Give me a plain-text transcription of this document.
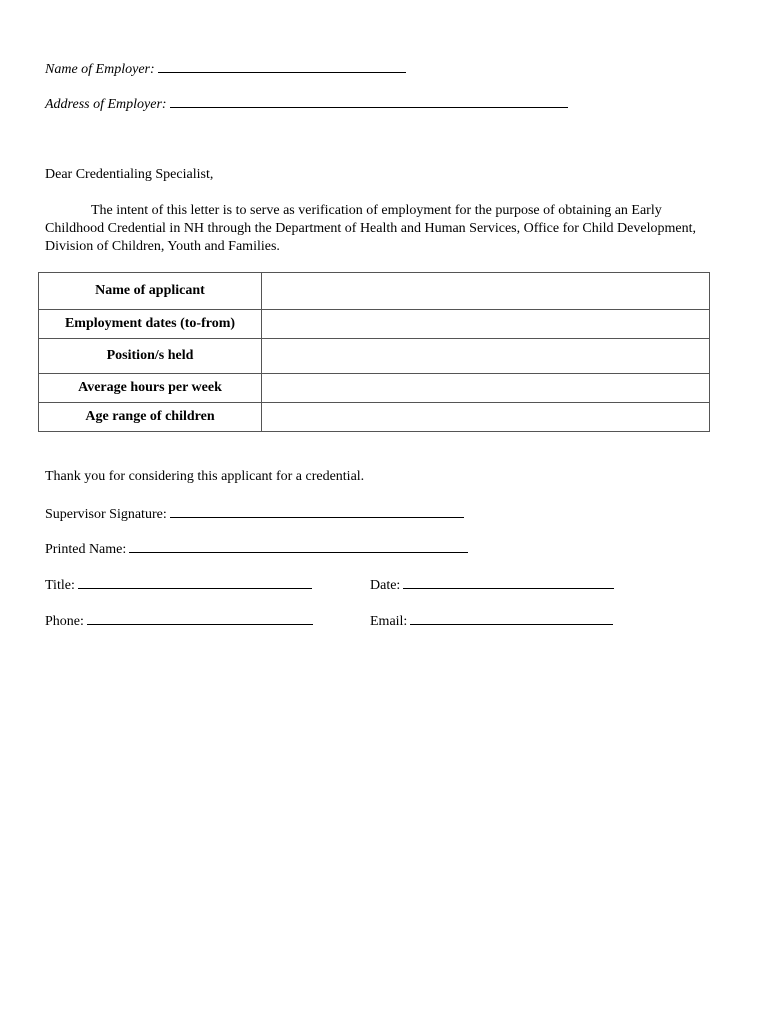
Name of Employer:
Address of Employer:
Dear Credentialing Specialist,
The intent of this letter is to serve as verification of employment for the purpose of obtaining an Early Childhood Credential in NH through the Department of Health and Human Services, Office for Child Development, Division of Children, Youth and Families.
Name of applicant	
Employment dates (to-from)	
Position/s held	
Average hours per week	
Age range of children	
Thank you for considering this applicant for a credential.
Supervisor Signature:
Printed Name:
Title:	Date:
Phone:	Email:
